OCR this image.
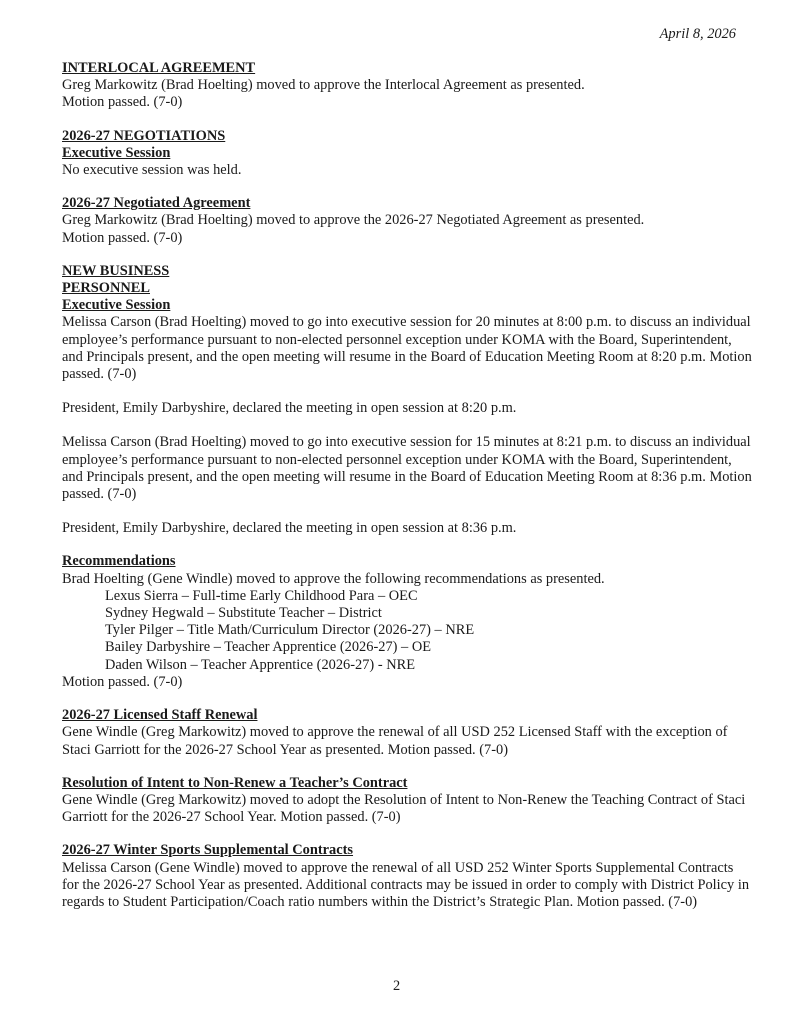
April 8, 2026

INTERLOCAL AGREEMENT

Greg Markowitz (Brad Hoelting) moved to approve the Interlocal Agreement as presented.

Motion passed. (7-0)

2026-27 NEGOTIATIONS

Executive Session

No executive session was held.

2026-27 Negotiated Agreement

Greg Markowitz (Brad Hoelting) moved to approve the 2026-27 Negotiated Agreement as presented.

Motion passed. (7-0)

NEW BUSINESS

PERSONNEL

Executive Session

Melissa Carson (Brad Hoelting) moved to go into executive session for 20 minutes at 8:00 p.m. to discuss an individual employee’s performance pursuant to non-elected personnel exception under KOMA with the Board, Superintendent, and Principals present, and the open meeting will resume in the Board of Education Meeting Room at 8:20 p.m. Motion passed. (7-0)

President, Emily Darbyshire, declared the meeting in open session at 8:20 p.m.

Melissa Carson (Brad Hoelting) moved to go into executive session for 15 minutes at 8:21 p.m. to discuss an individual employee’s performance pursuant to non-elected personnel exception under KOMA with the Board, Superintendent, and Principals present, and the open meeting will resume in the Board of Education Meeting Room at 8:36 p.m. Motion passed. (7-0)

President, Emily Darbyshire, declared the meeting in open session at 8:36 p.m.

Recommendations

Brad Hoelting (Gene Windle) moved to approve the following recommendations as presented.

Lexus Sierra – Full-time Early Childhood Para – OEC

Sydney Hegwald – Substitute Teacher – District

Tyler Pilger – Title Math/Curriculum Director (2026-27) – NRE

Bailey Darbyshire – Teacher Apprentice (2026-27) – OE

Daden Wilson – Teacher Apprentice (2026-27) - NRE

Motion passed. (7-0)

2026-27 Licensed Staff Renewal

Gene Windle (Greg Markowitz) moved to approve the renewal of all USD 252 Licensed Staff with the exception of Staci Garriott for the 2026-27 School Year as presented. Motion passed. (7-0)

Resolution of Intent to Non-Renew a Teacher’s Contract

Gene Windle (Greg Markowitz) moved to adopt the Resolution of Intent to Non-Renew the Teaching Contract of Staci Garriott for the 2026-27 School Year. Motion passed. (7-0)

2026-27 Winter Sports Supplemental Contracts

Melissa Carson (Gene Windle) moved to approve the renewal of all USD 252 Winter Sports Supplemental Contracts for the 2026-27 School Year as presented. Additional contracts may be issued in order to comply with District Policy in regards to Student Participation/Coach ratio numbers within the District’s Strategic Plan. Motion passed. (7-0)

2
